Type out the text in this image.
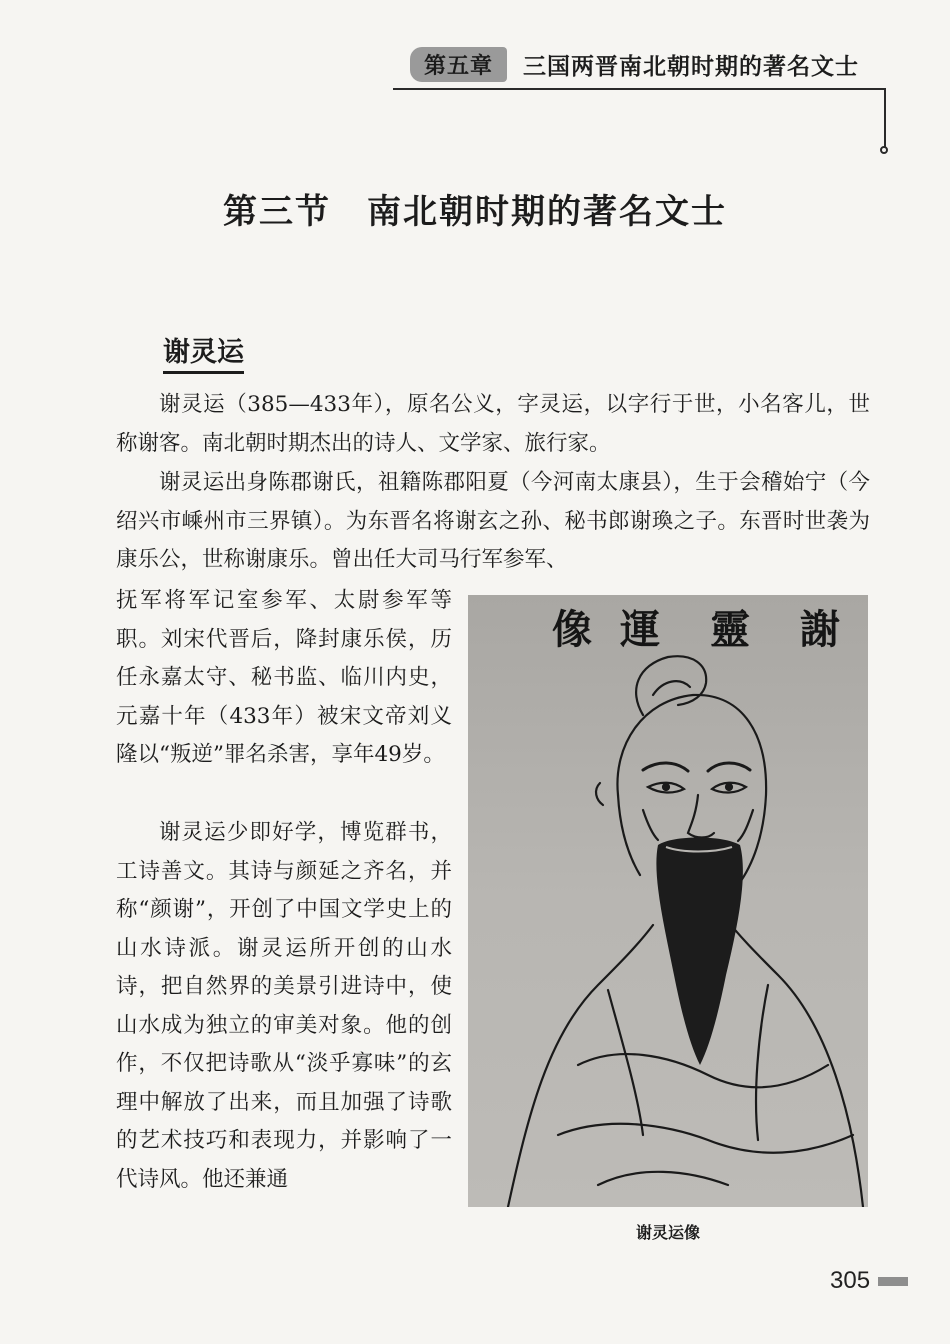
第五章	三国两晋南北朝时期的著名文士
第三节　南北朝时期的著名文士
谢灵运

谢灵运（385—433年），原名公义，字灵运，以字行于世，小名客儿，世称谢客。南北朝时期杰出的诗人、文学家、旅行家。

谢灵运出身陈郡谢氏，祖籍陈郡阳夏（今河南太康县），生于会稽始宁（今绍兴市嵊州市三界镇）。为东晋名将谢玄之孙、秘书郎谢瑍之子。东晋时世袭为康乐公，世称谢康乐。曾出任大司马行军参军、

抚军将军记室参军、太尉参军等职。刘宋代晋后，降封康乐侯，历任永嘉太守、秘书监、临川内史，元嘉十年（433年）被宋文帝刘义隆以“叛逆”罪名杀害，享年49岁。

谢灵运少即好学，博览群书，工诗善文。其诗与颜延之齐名，并称“颜谢”，开创了中国文学史上的山水诗派。谢灵运所开创的山水诗，把自然界的美景引进诗中，使山水成为独立的审美对象。他的创作，不仅把诗歌从“淡乎寡味”的玄理中解放了出来，而且加强了诗歌的艺术技巧和表现力，并影响了一代诗风。他还兼通

像 運 靈 謝
谢灵运像
305
